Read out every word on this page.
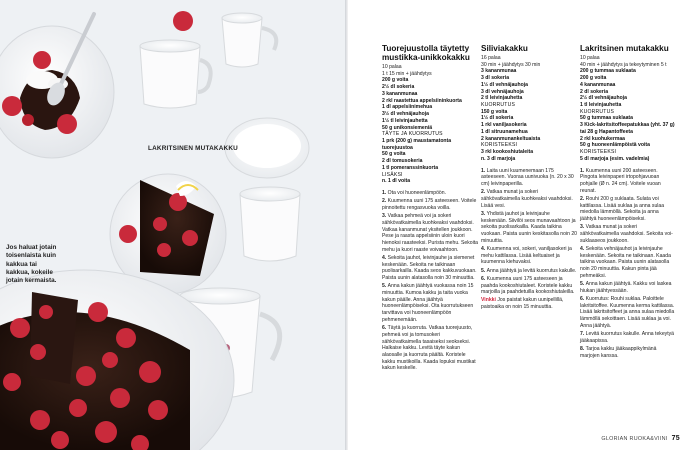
LAKRITSINEN MUTAKAKKU
Jos haluat jotain toisenlaista kuin kakkua tai kakkua, kokeile jotain kermaista.
Tuorejuustolla täytetty mustikka-unikkokakku
10 palaa
1 t 15 min + jäähdytys
200 g voita
2½ dl sokeria
3 kananmunaa
2 rkl raastettua appelsiininkuorta
1 dl appelsiinimehua
3½ dl vehnäjauhoja
1½ tl leivinjauhetta
50 g unikonsiemeniä
TÄYTE JA KUORRUTUS
1 prk (200 g) maustamatonta tuorejuustoa
50 g voita
2 dl tomusokeria
1 tl pomeranssinkuorta
LISÄKSI
n. 1 dl voita

1. Ota voi huoneenlämpöön.

2. Kuumenna uuni 175 asteeseen. Voitele pinnoitettu rengasvuoka voilla.

3. Vatkaa pehmeä voi ja sokeri sähkövatkaimella kuohkeaksi vaahdoksi. Vatkaa kananmunat yksitellen joukkoon. Pese ja raasta appelsiinin uloin kuori hienoksi raasteeksi. Purista mehu. Sekoita mehu ja kuori raaste voivaahtoon.

4. Sekoita jauhot, leivinjauhe ja siemenet keskenään. Sekoita ne taikinaan puolisarkailla. Kaada seos kakkuvuokaan. Paista uunin alatasolla noin 30 minuuttia.

5. Anna kakun jäähtyä vuokassa noin 15 minuuttia. Kumoa kakku ja taita vuoka kakun päälle. Anna jäähtyä huoneenlämpöiseksi. Ota kuorrutukseen tarvittava voi huoneenlämpöön pehmenemään.

6. Täytä ja kuorruta. Vatkaa tuorejuusto, pehmeä voi ja tomusokeri sähkövatkaimella tasaiseksi seokseksi. Halkaise kakku. Levitä täyte kakun alaosalle ja kuorruta päältä. Koristele kakku mustikoilla. Kaada lopuksi mustikat kakun keskelle.

Siliviakakku
16 palaa
30 min + jäähdytys 30 min
3 kananmunaa
3 dl sokeria
1½ dl vehnäjauhoja
3 dl vehnäjauhoja
2 tl leivinjauhetta
KUORRUTUS
150 g voita
1½ dl sokeria
1 rkl vaniljasokeria
1 dl sitruunamehua
2 kananmunankeltuaista
KORISTEEKSI
3 rkl kookoshiutaleita
n. 3 dl marjoja

1. Laita uuni kuumenemaan 175 asteeseen. Vuoraa uunivuoka (n. 20 x 30 cm) leivinpaperilla.

2. Vatkaa munat ja sokeri sähkövatkaimella kuohkeaksi vaahdoksi. Lisää vesi.

3. Yhdistä jauhot ja leivinjauhe keskenään. Siivilöi seos munavaahtoon ja sekoita puolisarkailla. Kaada taikina vuokaan. Paista uunin keskitasolla noin 20 minuuttia.

4. Kuumenna voi, sokeri, vaniljasokeri ja mehu kattilassa. Lisää keltuaiset ja kuumenna kiehuvaksi.

5. Anna jäähtyä ja levitä kuorrutus kakulle.

6. Kuumenna uuni 175 asteeseen ja paahda kookoshiutaleet. Koristele kakku marjoilla ja paahdetuilla kookoshiutaleilla.

Vinkki Jos paistat kakun uunipellillä, paistoaika on noin 15 minuuttia.
Lakritsinen mutakakku
10 palaa
40 min + jäähdytys ja tekeytyminen 5 t
200 g tummaa suklaata
200 g voita
4 kananmunaa
2 dl sokeria
2½ dl vehnäjauhoja
1 tl leivinjauhetta
KUORRUTUS
50 g tummaa suklaata
3 Kick-lakritsitoffeepatukkaa (yht. 37 g)
tai 28 g Hapantoffeeta
2 rkl kuohukermaa
50 g huoneenlämpöistä voita
KORISTEEKSI
5 dl marjoja (esim. vadelmia)

1. Kuumenna uuni 200 asteeseen. Pingota leivinpaperi irtopohjavuoan pohjalle (Ø n. 24 cm). Voitele vuoan reunat.

2. Rouhi 200 g suklaata. Sulata voi kattilassa. Lisää suklaa ja anna sulaa miedolla lämmöllä. Sekoita ja anna jäähtyä huoneenlämpöiseksi.

3. Vatkaa munat ja sokeri sähkövatkaimella vaahdoksi. Sekoita voi-suklaaseos joukkoon.

4. Sekoita vehnäjauhot ja leivinjauhe keskenään. Sekoita ne taikinaan. Kaada taikina vuokaan. Paista uunin alatasolla noin 20 minuuttia. Kakun pinta jää pehmeäksi.

5. Anna kakun jäähtyä. Kakku voi laskea hiukan jäähtyessään.

6. Kuorrutus: Rouhi suklaa. Paloittele lakritsitoffee. Kuumenna kerma kattilassa. Lisää lakritsitoffeet ja anna sulaa miedolla lämmöllä sekoittaen. Lisää suklaa ja voi. Anna jäähtyä.

7. Levitä kuorrutus kakulle. Anna tekeytyä jääkaapissa.

8. Tarjoa kakku jääkaappikylmänä marjojen kanssa.

GLORIAN RUOKA&VIINI 75
